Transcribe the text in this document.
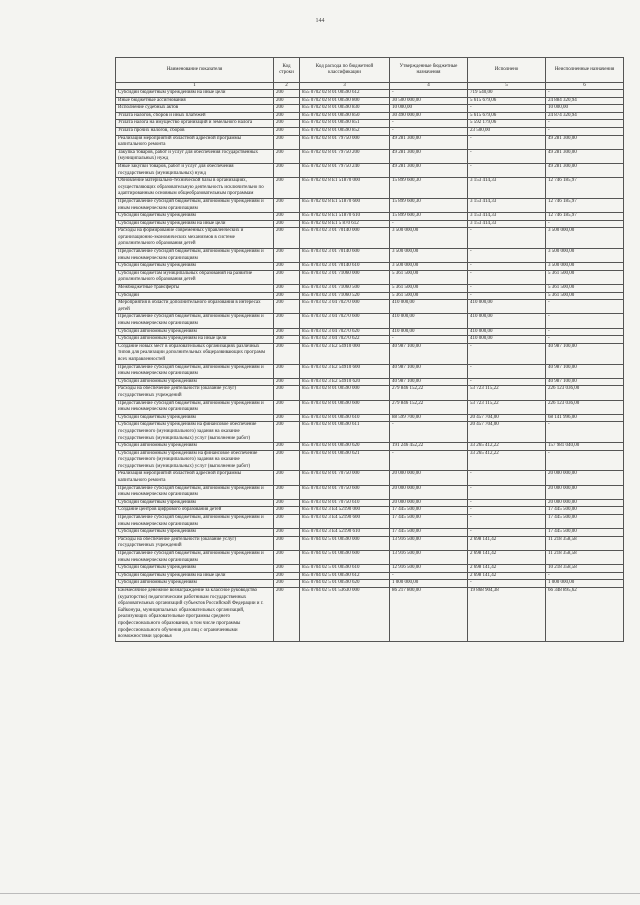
144
Наименование показателя	Код строки	Код расхода по бюджетной классификации	Утвержденные бюджетные назначения	Исполнено	Неисполненные назначения
1	2	3	4	5	6
Субсидии бюджетным учреждениям на иные цели	200	855 0702 02 8 01 00590 612	-	719 540,00	-
Иные бюджетные ассигнования	200	855 0702 02 8 01 00590 800	30 500 000,00	5 615 679,06	24 884 320,94
Исполнение судебных актов	200	855 0702 02 8 01 00590 830	10 000,00	-	10 000,00
Уплата налогов, сборов и иных платежей	200	855 0702 02 8 01 00590 850	30 490 000,00	5 615 679,06	24 874 320,94
Уплата налога на имущество организаций и земельного налога	200	855 0702 02 8 01 00590 851	-	5 592 179,06	-
Уплата прочих налогов, сборов	200	855 0702 02 8 01 00590 852	-	23 500,00	-
Реализация мероприятий областной адресной программы капитального ремонта	200	855 0702 02 8 01 79750 000	49 281 300,00	-	49 281 300,00
Закупка товаров, работ и услуг для обеспечения государственных (муниципальных) нужд	200	855 0702 02 8 01 79750 200	49 281 300,00	-	49 281 300,00
Иные закупки товаров, работ и услуг для обеспечения государственных (муниципальных) нужд	200	855 0702 02 8 01 79750 240	49 281 300,00	-	49 281 300,00
Обновление материально-технической базы в организациях, осуществляющих образовательную деятельность исключительно по адаптированным основным общеобразовательным программам	200	855 0702 02 8 E1 51870 000	15 899 600,30	3 153 414,33	12 746 185,97
Предоставление субсидий бюджетным, автономным учреждениям и иным некоммерческим организациям	200	855 0702 02 8 E1 51870 600	15 899 600,30	3 153 414,33	12 746 185,97
Субсидии бюджетным учреждениям	200	855 0702 02 8 E1 51870 610	15 899 600,30	3 153 414,33	12 746 185,97
Субсидии бюджетным учреждениям на иные цели	200	855 0702 02 8 E1 5 870 612	-	3 153 414,33	-
Расходы на формирование современных управленческих и организационно-экономических механизмов в системе дополнительного образования детей	200	855 0703 02 3 01 70140 000	3 500 000,00	-	3 500 000,00
Предоставление субсидий бюджетным, автономным учреждениям и иным некоммерческим организациям	200	855 0703 02 3 01 70140 600	3 500 000,00	-	3 500 000,00
Субсидии бюджетным учреждениям	200	855 0703 02 3 01 70140 610	3 500 000,00	-	3 500 000,00
Субсидии бюджетам муниципальных образований на развитие дополнительного образования детей	200	855 0703 02 3 01 71060 000	5 361 500,00	-	5 361 500,00
Межбюджетные трансферты	200	855 0703 02 3 01 71060 500	5 361 500,00	-	5 361 500,00
Субсидии	200	855 0703 02 3 01 71060 520	5 361 500,00	-	5 361 500,00
Мероприятия в области дополнительного образования в интересах детей	200	855 0703 02 3 04 70270 000	410 000,00	410 000,00	-
Предоставление субсидий бюджетным, автономным учреждениям и иным некоммерческим организациям	200	855 0703 02 3 04 70270 600	410 000,00	410 000,00	-
Субсидии автономным учреждениям	200	855 0703 02 3 04 70270 620	410 000,00	410 000,00	-
Субсидии автономным учреждениям на иные цели	200	855 0703 02 3 04 70270 622	-	410 000,00	-
Создание новых мест в образовательных организациях различных типов для реализации дополнительных общеразвивающих программ всех направленностей	200	855 0703 02 3 E2 54910 000	40 987 100,00	-	40 987 100,00
Предоставление субсидий бюджетным, автономным учреждениям и иным некоммерческим организациям	200	855 0703 02 3 E2 54910 600	40 987 100,00	-	40 987 100,00
Субсидии автономным учреждениям	200	855 0703 02 3 E2 54910 620	40 987 100,00	-	40 987 100,00
Расходы на обеспечение деятельности (оказание услуг) государственных учреждений	200	855 0703 02 8 01 00590 000	279 846 152,22	53 723 115,22	226 123 036,00
Предоставление субсидий бюджетным, автономным учреждениям и иным некоммерческим организациям	200	855 0703 02 8 01 00590 600	279 846 152,22	53 723 115,22	226 123 036,00
Субсидии бюджетным учреждениям	200	855 0703 02 8 01 00590 610	88 599 700,00	20 457 704,00	68 141 996,00
Субсидии бюджетным учреждениям на финансовое обеспечение государственного (муниципального) задания на оказание государственных (муниципальных) услуг (выполнение работ)	200	855 0703 02 8 01 00590 611	-	20 457 704,00	-
Субсидии автономным учреждениям	200	855 0703 02 8 01 00590 620	191 246 452,22	33 265 412,22	157 981 040,00
Субсидии автономным учреждениям на финансовое обеспечение государственного (муниципального) задания на оказание государственных (муниципальных) услуг (выполнение работ)	200	855 0703 02 8 01 00590 621	-	33 265 412,22	-
Реализация мероприятий областной адресной программы капитального ремонта	200	855 0703 02 8 01 70750 000	20 000 000,00	-	20 000 000,00
Предоставление субсидий бюджетным, автономным учреждениям и иным некоммерческим организациям	200	855 0703 02 8 01 70750 600	20 000 000,00	-	20 000 000,00
Субсидии бюджетным учреждениям	200	855 0703 02 8 01 70750 610	20 000 000,00	-	20 000 000,00
Создание центров цифрового образования детей	200	855 0703 02 3 E4 52190 000	17 445 500,00	-	17 445 500,00
Предоставление субсидий бюджетным, автономным учреждениям и иным некоммерческим организациям	200	855 0703 02 3 E4 52190 600	17 445 500,00	-	17 445 500,00
Субсидии бюджетным учреждениям	200	855 0703 02 3 E4 52190 610	17 445 500,00	-	17 445 500,00
Расходы на обеспечение деятельности (оказание услуг) государственных учреждений	200	855 0704 02 5 01 00590 000	13 916 500,00	2 698 141,42	11 218 358,58
Предоставление субсидий бюджетным, автономным учреждениям и иным некоммерческим организациям	200	855 0704 02 5 01 00590 600	13 916 500,00	2 698 141,42	11 218 358,58
Субсидии бюджетным учреждениям	200	855 0704 02 5 01 00590 610	12 916 500,00	2 698 141,42	10 218 358,58
Субсидии бюджетным учреждениям на иные цели	200	855 0704 02 5 01 00590 612	-	2 698 141,42	-
Субсидии автономным учреждениям	200	855 0704 02 5 01 00590 620	1 000 000,00	-	1 000 000,00
Ежемесячное денежное вознаграждение за классное руководство (кураторство) педагогическим работникам государственных образовательных организаций субъектов Российской Федерации и г. Байконура, муниципальных образовательных организаций, реализующих образовательные программы среднего профессионального образования, в том числе программы профессионального обучения для лиц с ограниченными возможностями здоровья	200	855 0704 02 5 01 53630 000	86 217 800,00	19 868 904,38	66 348 895,62
